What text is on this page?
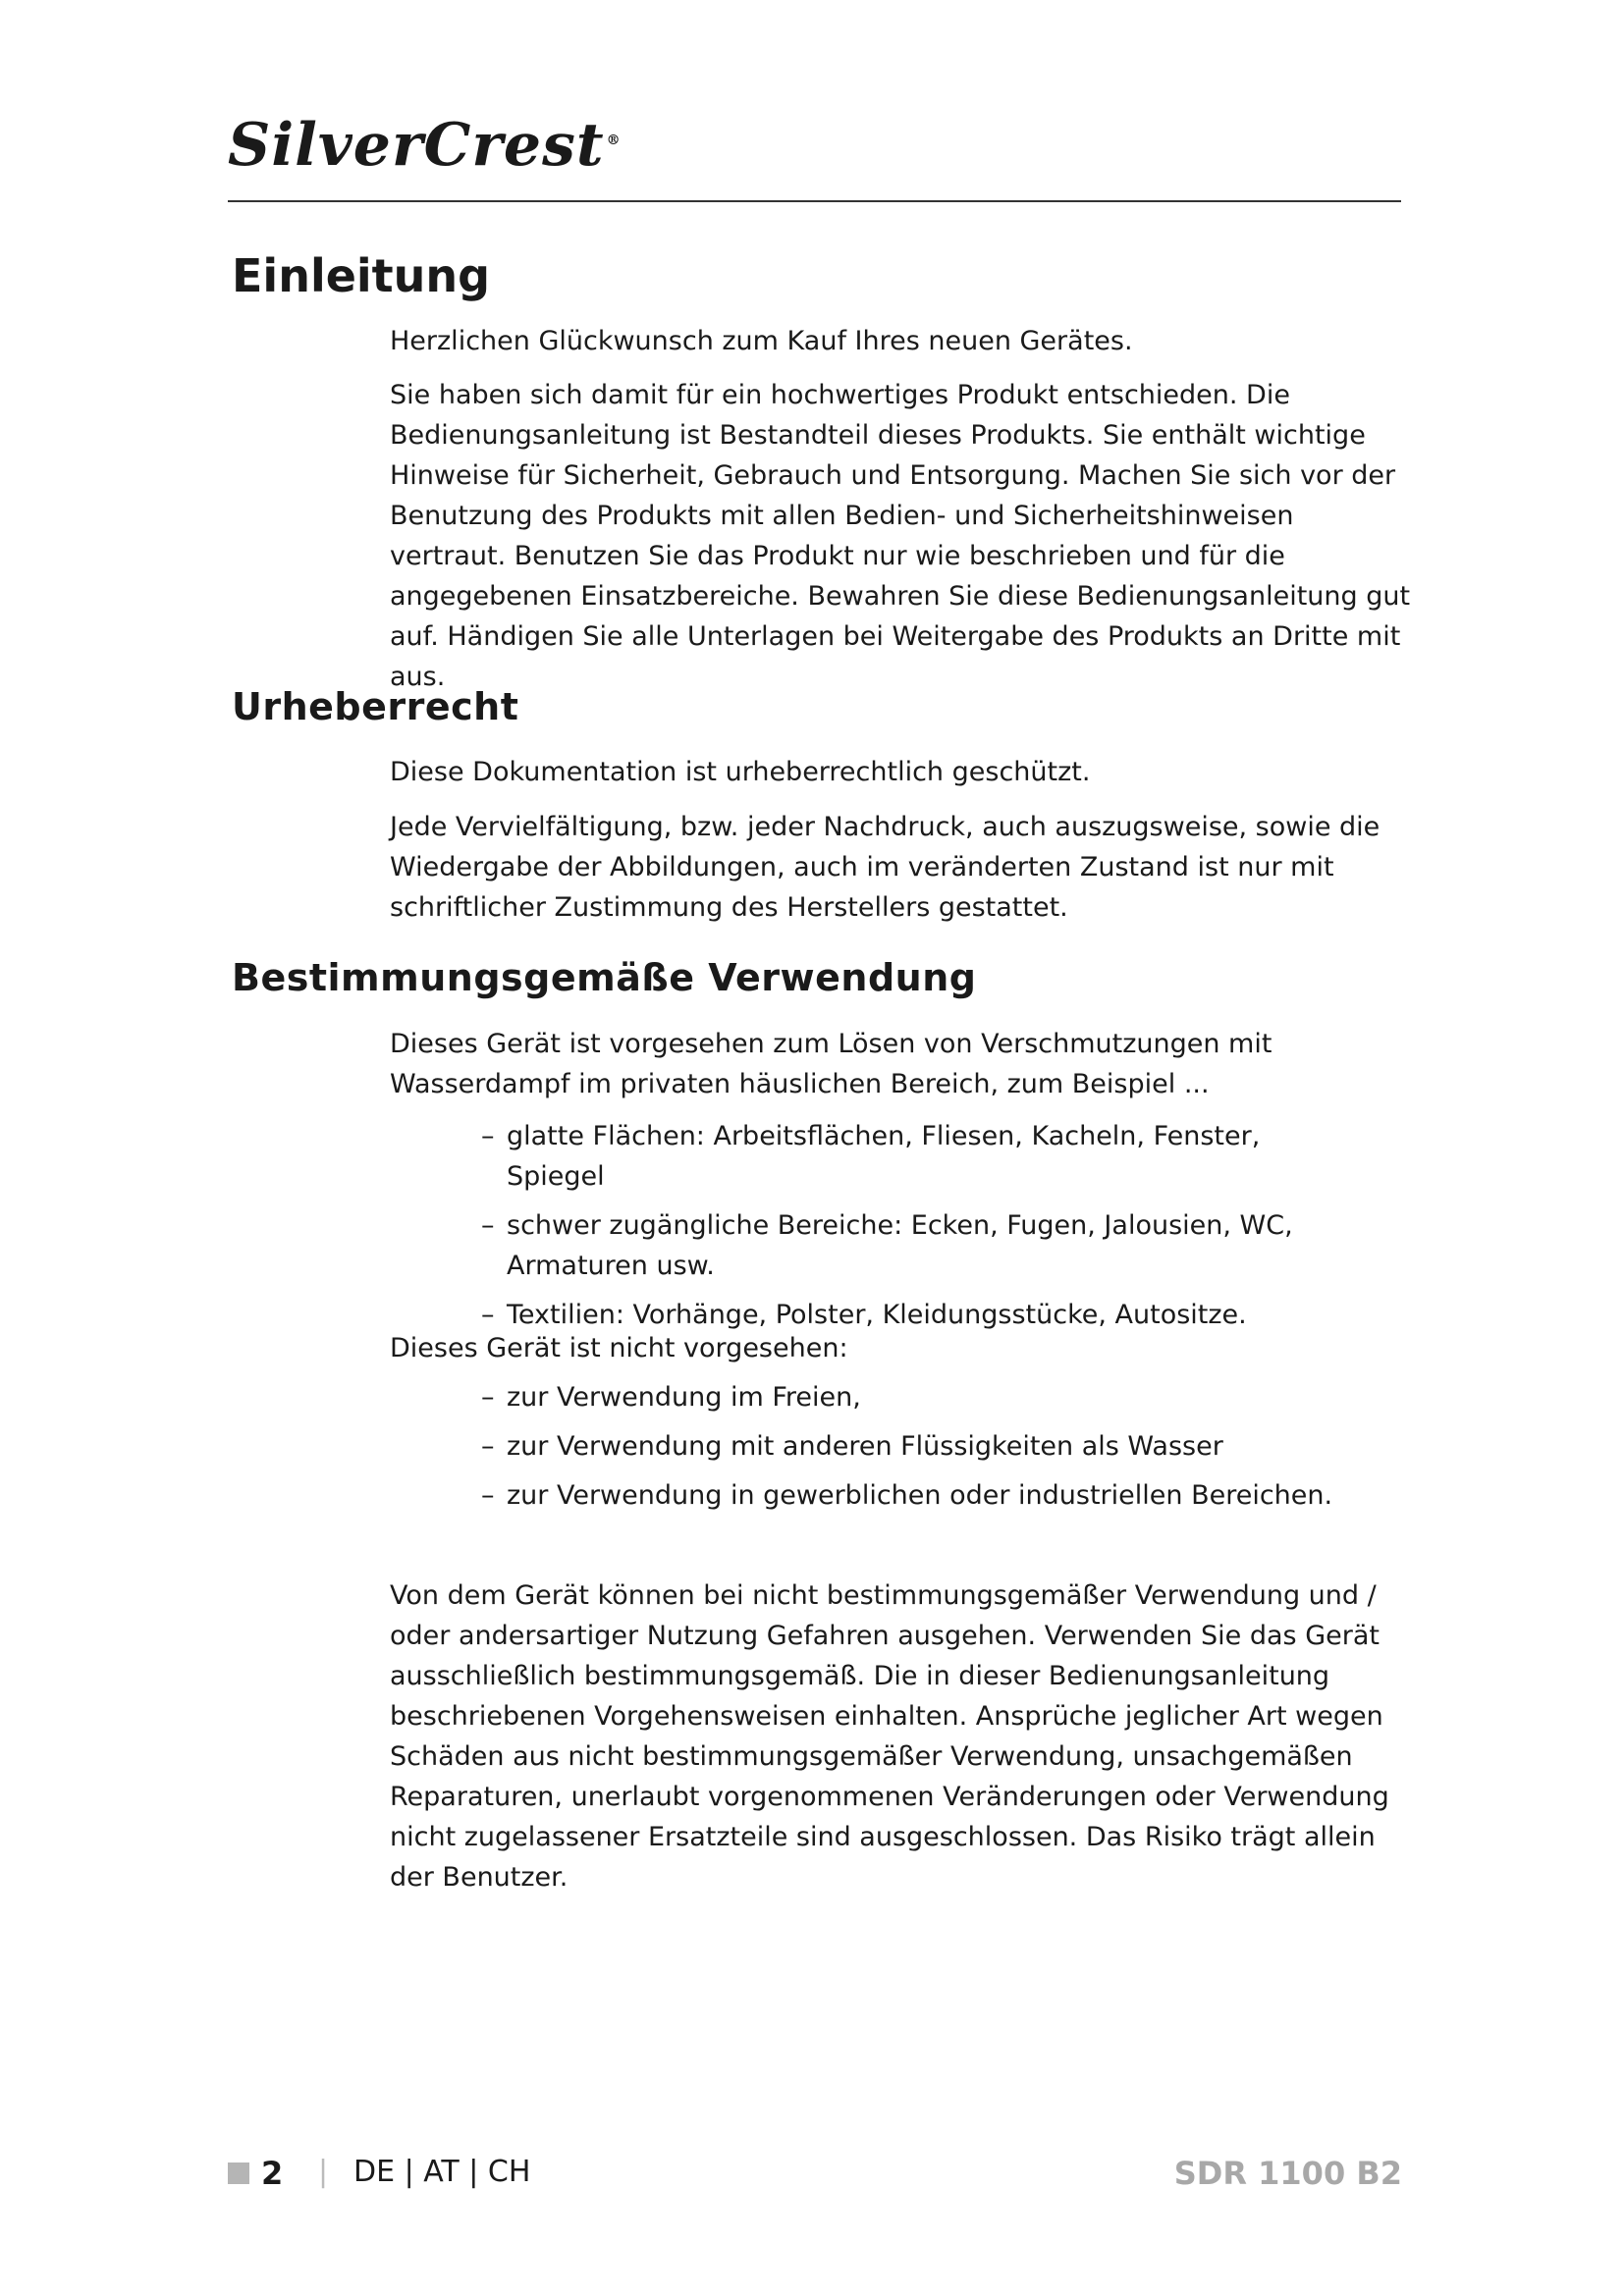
SilverCrest ®
Einleitung

Herzlichen Glückwunsch zum Kauf Ihres neuen Gerätes.

Sie haben sich damit für ein hochwertiges Produkt entschieden. Die Bedienungsanleitung ist Bestandteil dieses Produkts. Sie enthält wichtige Hinweise für Sicherheit, Gebrauch und Entsorgung. Machen Sie sich vor der Benutzung des Produkts mit allen Bedien- und Sicherheitshinweisen vertraut. Benutzen Sie das Produkt nur wie beschrieben und für die angegebenen Einsatzbereiche. Bewahren Sie diese Bedienungsanleitung gut auf. Händigen Sie alle Unterlagen bei Weitergabe des Produkts an Dritte mit aus.

Urheberrecht

Diese Dokumentation ist urheberrechtlich geschützt.

Jede Vervielfältigung, bzw. jeder Nachdruck, auch auszugsweise, sowie die Wiedergabe der Abbildungen, auch im veränderten Zustand ist nur mit schriftlicher Zustimmung des Herstellers gestattet.

Bestimmungsgemäße Verwendung

Dieses Gerät ist vorgesehen zum Lösen von Verschmutzungen mit Wasserdampf im privaten häuslichen Bereich, zum Beispiel ...

– glatte Flächen: Arbeitsflächen, Fliesen, Kacheln, Fenster, Spiegel
– schwer zugängliche Bereiche: Ecken, Fugen, Jalousien, WC, Armaturen usw.
– Textilien: Vorhänge, Polster, Kleidungsstücke, Autositze.

Dieses Gerät ist nicht vorgesehen:

– zur Verwendung im Freien,
– zur Verwendung mit anderen Flüssigkeiten als Wasser
– zur Verwendung in gewerblichen oder industriellen Bereichen.

Von dem Gerät können bei nicht bestimmungsgemäßer Verwendung und / oder andersartiger Nutzung Gefahren ausgehen. Verwenden Sie das Gerät ausschließlich bestimmungsgemäß. Die in dieser Bedienungsanleitung beschriebenen Vorgehensweisen einhalten. Ansprüche jeglicher Art wegen Schäden aus nicht bestimmungsgemäßer Verwendung, unsachgemäßen Reparaturen, unerlaubt vorgenommenen Veränderungen oder Verwendung nicht zugelassener Ersatzteile sind ausgeschlossen. Das Risiko trägt allein der Benutzer.

2 | DE | AT | CH	SDR 1100 B2
